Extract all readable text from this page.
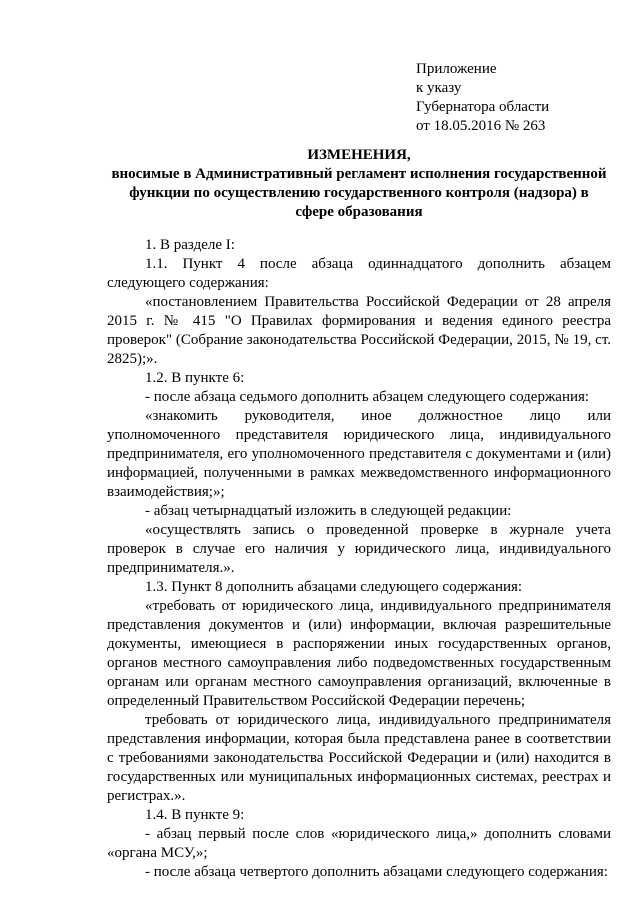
Приложение
к указу
Губернатора области
от 18.05.2016 № 263
ИЗМЕНЕНИЯ,
вносимые в Административный регламент исполнения государственной
функции по осуществлению государственного контроля (надзора) в
сфере образования

1. В разделе I:

1.1. Пункт 4 после абзаца одиннадцатого дополнить абзацем следующего содержания:

«постановлением Правительства Российской Федерации от 28 апреля 2015 г. № 415 "О Правилах формирования и ведения единого реестра проверок" (Собрание законодательства Российской Федерации, 2015, № 19, ст. 2825);».

1.2. В пункте 6:

- после абзаца седьмого дополнить абзацем следующего содержания:

«знакомить руководителя, иное должностное лицо или уполномоченного представителя юридического лица, индивидуального предпринимателя, его уполномоченного представителя с документами и (или) информацией, полученными в рамках межведомственного информационного взаимодействия;»;

- абзац четырнадцатый изложить в следующей редакции:

«осуществлять запись о проведенной проверке в журнале учета проверок в случае его наличия у юридического лица, индивидуального предпринимателя.».

1.3. Пункт 8 дополнить абзацами следующего содержания:

«требовать от юридического лица, индивидуального предпринимателя представления документов и (или) информации, включая разрешительные документы, имеющиеся в распоряжении иных государственных органов, органов местного самоуправления либо подведомственных государственным органам или органам местного самоуправления организаций, включенные в определенный Правительством Российской Федерации перечень;

требовать от юридического лица, индивидуального предпринимателя представления информации, которая была представлена ранее в соответствии с требованиями законодательства Российской Федерации и (или) находится в государственных или муниципальных информационных системах, реестрах и регистрах.».

1.4. В пункте 9:

- абзац первый после слов «юридического лица,» дополнить словами «органа МСУ,»;

- после абзаца четвертого дополнить абзацами следующего содержания:
